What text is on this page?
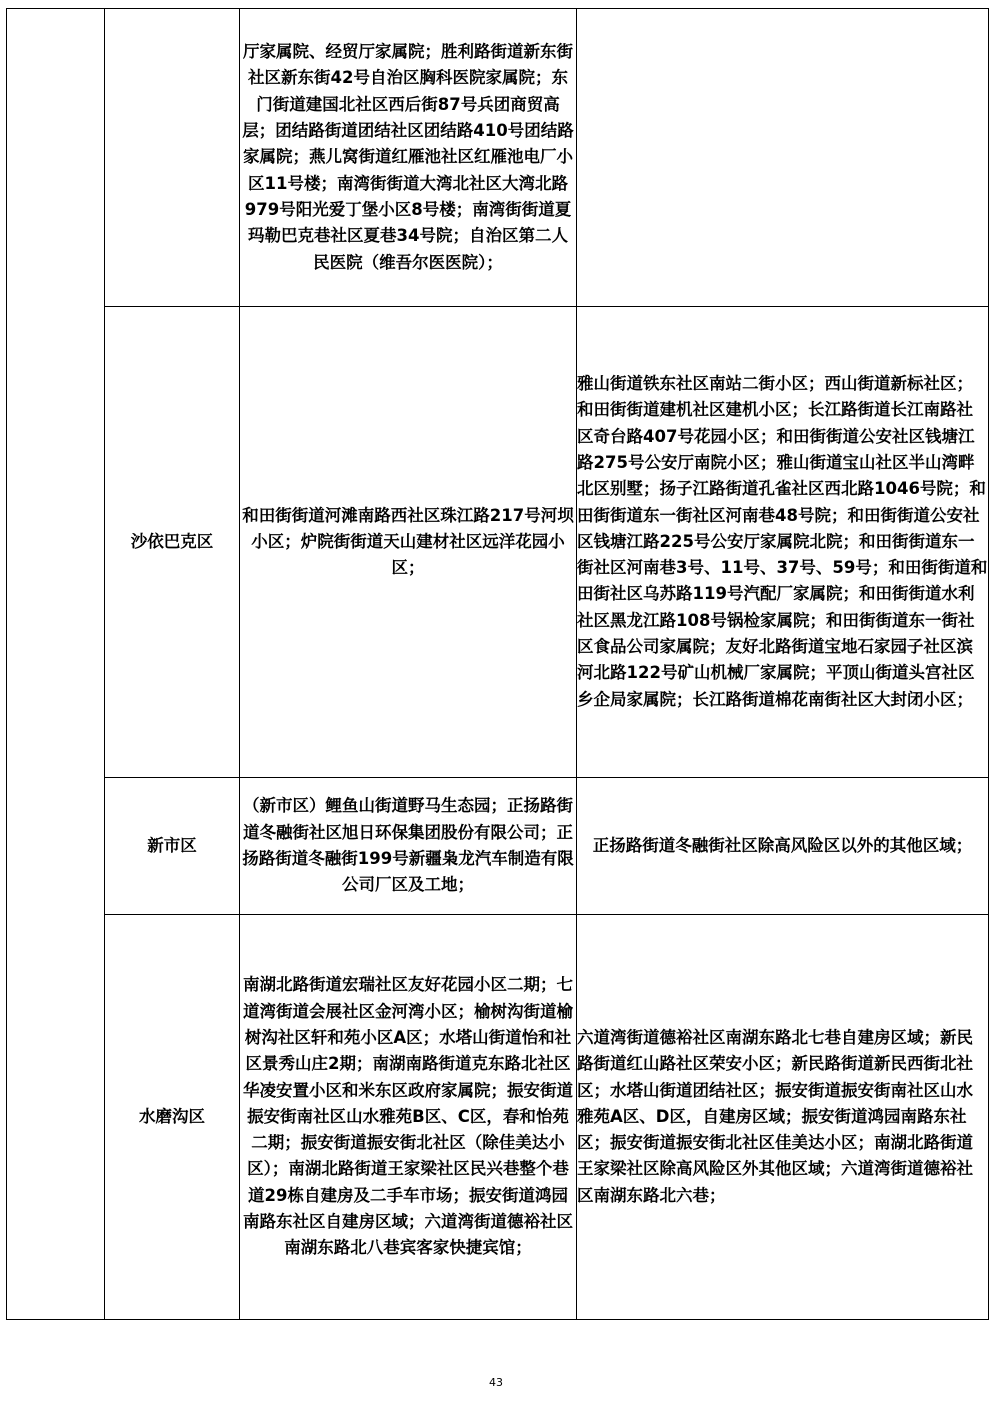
		厅家属院、经贸厅家属院；胜利路街道新东街社区新东街42号自治区胸科医院家属院；东门街道建国北社区西后街87号兵团商贸高层；团结路街道团结社区团结路410号团结路家属院；燕儿窝街道红雁池社区红雁池电厂小区11号楼；南湾街街道大湾北社区大湾北路979号阳光爱丁堡小区8号楼；南湾街街道夏玛勒巴克巷社区夏巷34号院；自治区第二人民医院（维吾尔医医院）；	
	沙依巴克区	和田街街道河滩南路西社区珠江路217号河坝小区；炉院街街道天山建材社区远洋花园小区；	雅山街道铁东社区南站二街小区；西山街道新标社区；和田街街道建机社区建机小区；长江路街道长江南路社区奇台路407号花园小区；和田街街道公安社区钱塘江路275号公安厅南院小区；雅山街道宝山社区半山湾畔北区别墅；扬子江路街道孔雀社区西北路1046号院；和田街街道东一街社区河南巷48号院；和田街街道公安社区钱塘江路225号公安厅家属院北院；和田街街道东一街社区河南巷3号、11号、37号、59号；和田街街道和田街社区乌苏路119号汽配厂家属院；和田街街道水利社区黑龙江路108号锅检家属院；和田街街道东一街社区食品公司家属院；友好北路街道宝地石家园子社区滨河北路122号矿山机械厂家属院；平顶山街道头宫社区乡企局家属院；长江路街道棉花南街社区大封闭小区；
	新市区	（新市区）鲤鱼山街道野马生态园；正扬路街道冬融街社区旭日环保集团股份有限公司；正扬路街道冬融街199号新疆枭龙汽车制造有限公司厂区及工地；	正扬路街道冬融街社区除高风险区以外的其他区域；
	水磨沟区	南湖北路街道宏瑞社区友好花园小区二期；七道湾街道会展社区金河湾小区；榆树沟街道榆树沟社区轩和苑小区A区；水塔山街道怡和社区景秀山庄2期；南湖南路街道克东路北社区华凌安置小区和米东区政府家属院；振安街道振安街南社区山水雅苑B区、C区，春和怡苑二期；振安街道振安街北社区（除佳美达小区）；南湖北路街道王家梁社区民兴巷整个巷道29栋自建房及二手车市场；振安街道鸿园南路东社区自建房区域；六道湾街道德裕社区南湖东路北八巷宾客家快捷宾馆；	六道湾街道德裕社区南湖东路北七巷自建房区域；新民路街道红山路社区荣安小区；新民路街道新民西街北社区；水塔山街道团结社区；振安街道振安街南社区山水雅苑A区、D区，自建房区域；振安街道鸿园南路东社区；振安街道振安街北社区佳美达小区；南湖北路街道王家梁社区除高风险区外其他区域；六道湾街道德裕社区南湖东路北六巷；
43
